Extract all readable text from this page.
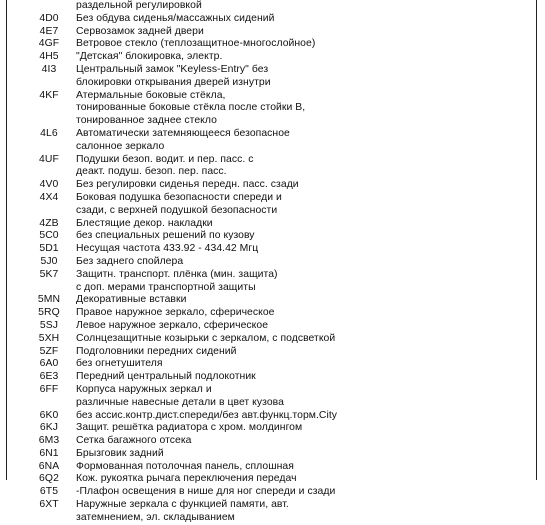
раздельной регулировкой
4D0	Без обдува сиденья/массажных сидений
4E7	Сервозамок задней двери
4GF	Ветровое стекло (теплозащитное-многослойное)
4H5	"Детская" блокировка, электр.
4I3	Центральный замок "Keyless-Entry" без
блокировки открывания дверей изнутри
4KF	Атермальные боковые стёкла,
тонированные боковые стёкла после стойки B,
тонированное заднее стекло
4L6	Автоматически затемняющееся безопасное
салонное зеркало
4UF	Подушки безоп. водит. и пер. пасс. с
деакт. подуш. безоп. пер. пасс.
4V0	Без регулировки сиденья передн. пасс. сзади
4X4	Боковая подушка безопасности спереди и
сзади, с верхней подушкой безопасности
4ZB	Блестящие декор. накладки
5C0	без специальных решений по кузову
5D1	Несущая частота 433.92 - 434.42 Мгц
5J0	Без заднего спойлера
5K7	Защитн. транспорт. плёнка (мин. защита)
с доп. мерами транспортной защиты
5MN	Декоративные вставки
5RQ	Правое наружное зеркало, сферическое
5SJ	Левое наружное зеркало, сферическое
5XH	Солнцезащитные козырьки с зеркалом, с подсветкой
5ZF	Подголовники передних сидений
6A0	без огнетушителя
6E3	Передний центральный подлокотник
6FF	Корпуса наружных зеркал и
различные навесные детали в цвет кузова
6K0	без ассис.контр.дист.спереди/без авт.функц.торм.City
6KJ	Защит. решётка радиатора с хром. молдингом
6M3	Сетка багажного отсека
6N1	Брызговик задний
6NA	Формованная потолочная панель, сплошная
6Q2	Кож. рукоятка рычага переключения передач
6T5	-Плафон освещения в нише для ног спереди и сзади
6XT	Наружные зеркала с функцией памяти, авт.
затемнением, эл. складыванием
